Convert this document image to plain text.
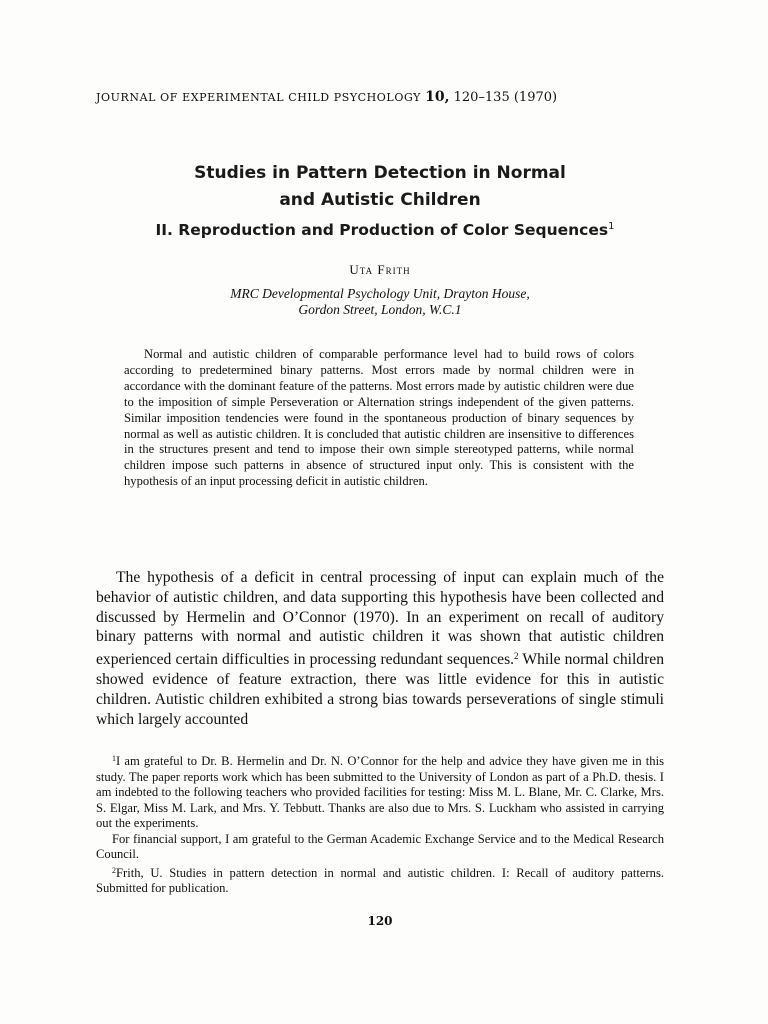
JOURNAL OF EXPERIMENTAL CHILD PSYCHOLOGY 10, 120–135 (1970)
Studies in Pattern Detection in Normal
and Autistic Children
II. Reproduction and Production of Color Sequences$^1$
Uta Frith
MRC Developmental Psychology Unit, Drayton House,
Gordon Street, London, W.C.1

Normal and autistic children of comparable performance level had to build rows of colors according to predetermined binary patterns. Most errors made by normal children were in accordance with the dominant feature of the patterns. Most errors made by autistic children were due to the imposition of simple Perseveration or Alternation strings independent of the given patterns. Similar imposition tendencies were found in the spontaneous production of binary sequences by normal as well as autistic children. It is concluded that autistic children are insensitive to differences in the structures present and tend to impose their own simple stereotyped patterns, while normal children impose such patterns in absence of structured input only. This is consistent with the hypothesis of an input processing deficit in autistic children.

The hypothesis of a deficit in central processing of input can explain much of the behavior of autistic children, and data supporting this hypothesis have been collected and discussed by Hermelin and O’Connor (1970). In an experiment on recall of auditory binary patterns with normal and autistic children it was shown that autistic children experienced certain difficulties in processing redundant sequences.$^2$ While normal children showed evidence of feature extraction, there was little evidence for this in autistic children. Autistic children exhibited a strong bias towards perseverations of single stimuli which largely accounted

$^1$I am grateful to Dr. B. Hermelin and Dr. N. O’Connor for the help and advice they have given me in this study. The paper reports work which has been submitted to the University of London as part of a Ph.D. thesis. I am indebted to the following teachers who provided facilities for testing: Miss M. L. Blane, Mr. C. Clarke, Mrs. S. Elgar, Miss M. Lark, and Mrs. Y. Tebbutt. Thanks are also due to Mrs. S. Luckham who assisted in carrying out the experiments.

For financial support, I am grateful to the German Academic Exchange Service and to the Medical Research Council.

$^2$Frith, U. Studies in pattern detection in normal and autistic children. I: Recall of auditory patterns. Submitted for publication.

120
